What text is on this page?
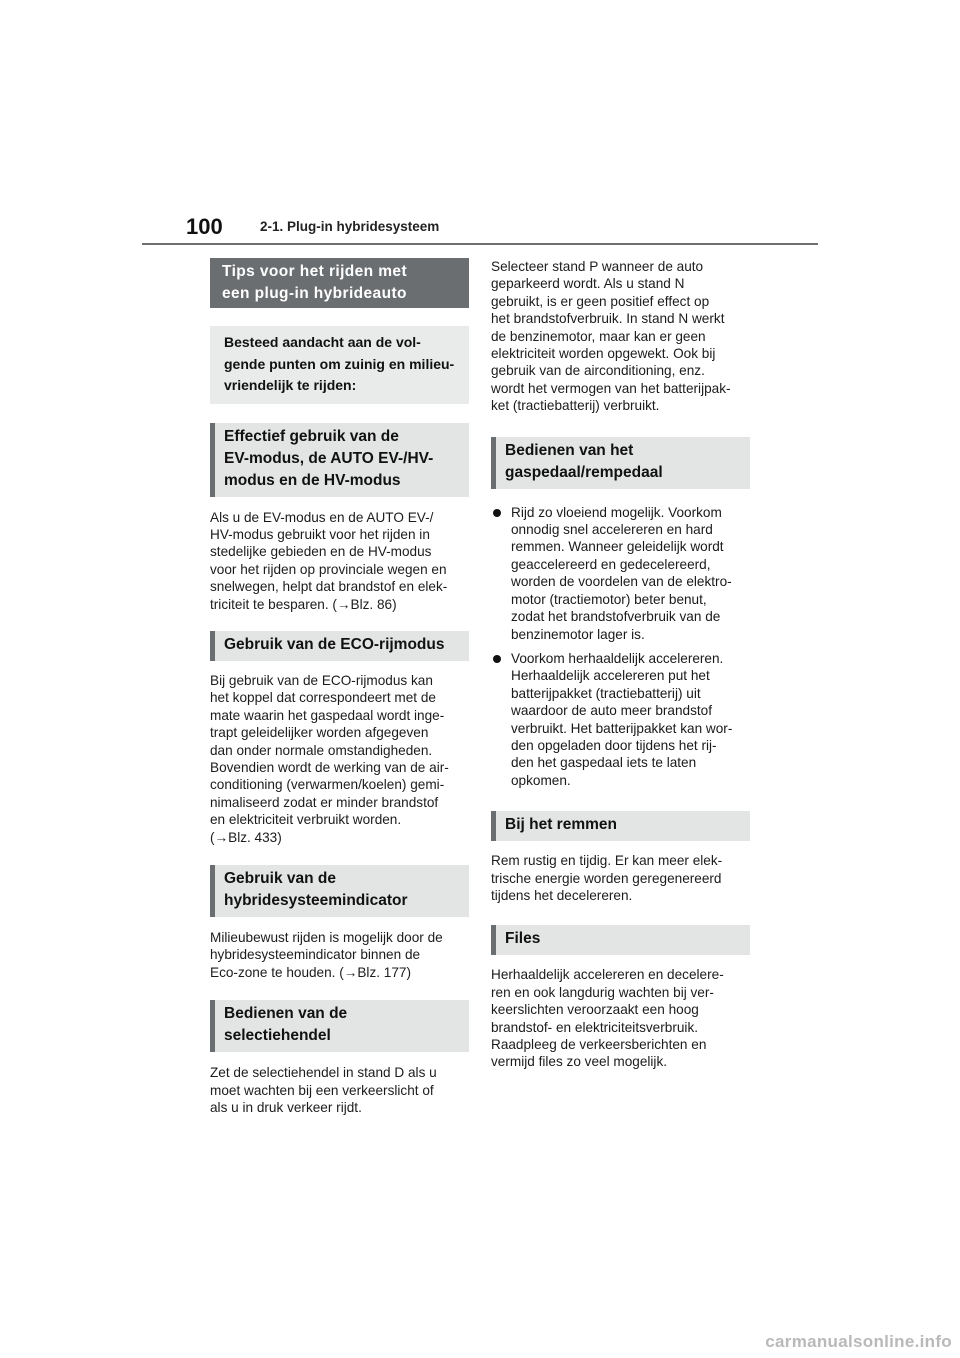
100	2-1. Plug-in hybridesysteem
Tips voor het rijden met
een plug-in hybrideauto
Besteed aandacht aan de vol-
gende punten om zuinig en milieu-
vriendelijk te rijden:
Effectief gebruik van de
EV-modus, de AUTO EV-/HV-
modus en de HV-modus
Als u de EV-modus en de AUTO EV-/
HV-modus gebruikt voor het rijden in
stedelijke gebieden en de HV-modus
voor het rijden op provinciale wegen en
snelwegen, helpt dat brandstof en elek-
triciteit te besparen. (→Blz. 86)
Gebruik van de ECO-rijmodus
Bij gebruik van de ECO-rijmodus kan
het koppel dat correspondeert met de
mate waarin het gaspedaal wordt inge-
trapt geleidelijker worden afgegeven
dan onder normale omstandigheden.
Bovendien wordt de werking van de air-
conditioning (verwarmen/koelen) gemi-
nimaliseerd zodat er minder brandstof
en elektriciteit verbruikt worden.
(→Blz. 433)
Gebruik van de
hybridesysteemindicator
Milieubewust rijden is mogelijk door de
hybridesysteemindicator binnen de
Eco-zone te houden. (→Blz. 177)
Bedienen van de
selectiehendel
Zet de selectiehendel in stand D als u
moet wachten bij een verkeerslicht of
als u in druk verkeer rijdt.
Selecteer stand P wanneer de auto
geparkeerd wordt. Als u stand N
gebruikt, is er geen positief effect op
het brandstofverbruik. In stand N werkt
de benzinemotor, maar kan er geen
elektriciteit worden opgewekt. Ook bij
gebruik van de airconditioning, enz.
wordt het vermogen van het batterijpak-
ket (tractiebatterij) verbruikt.
Bedienen van het
gaspedaal/rempedaal
Rijd zo vloeiend mogelijk. Voorkom
onnodig snel accelereren en hard
remmen. Wanneer geleidelijk wordt
geaccelereerd en gedecelereerd,
worden de voordelen van de elektro-
motor (tractiemotor) beter benut,
zodat het brandstofverbruik van de
benzinemotor lager is.
Voorkom herhaaldelijk accelereren.
Herhaaldelijk accelereren put het
batterijpakket (tractiebatterij) uit
waardoor de auto meer brandstof
verbruikt. Het batterijpakket kan wor-
den opgeladen door tijdens het rij-
den het gaspedaal iets te laten
opkomen.
Bij het remmen
Rem rustig en tijdig. Er kan meer elek-
trische energie worden geregenereerd
tijdens het decelereren.
Files
Herhaaldelijk accelereren en decelere-
ren en ook langdurig wachten bij ver-
keerslichten veroorzaakt een hoog
brandstof- en elektriciteitsverbruik.
Raadpleeg de verkeersberichten en
vermijd files zo veel mogelijk.
carmanualsonline.info
